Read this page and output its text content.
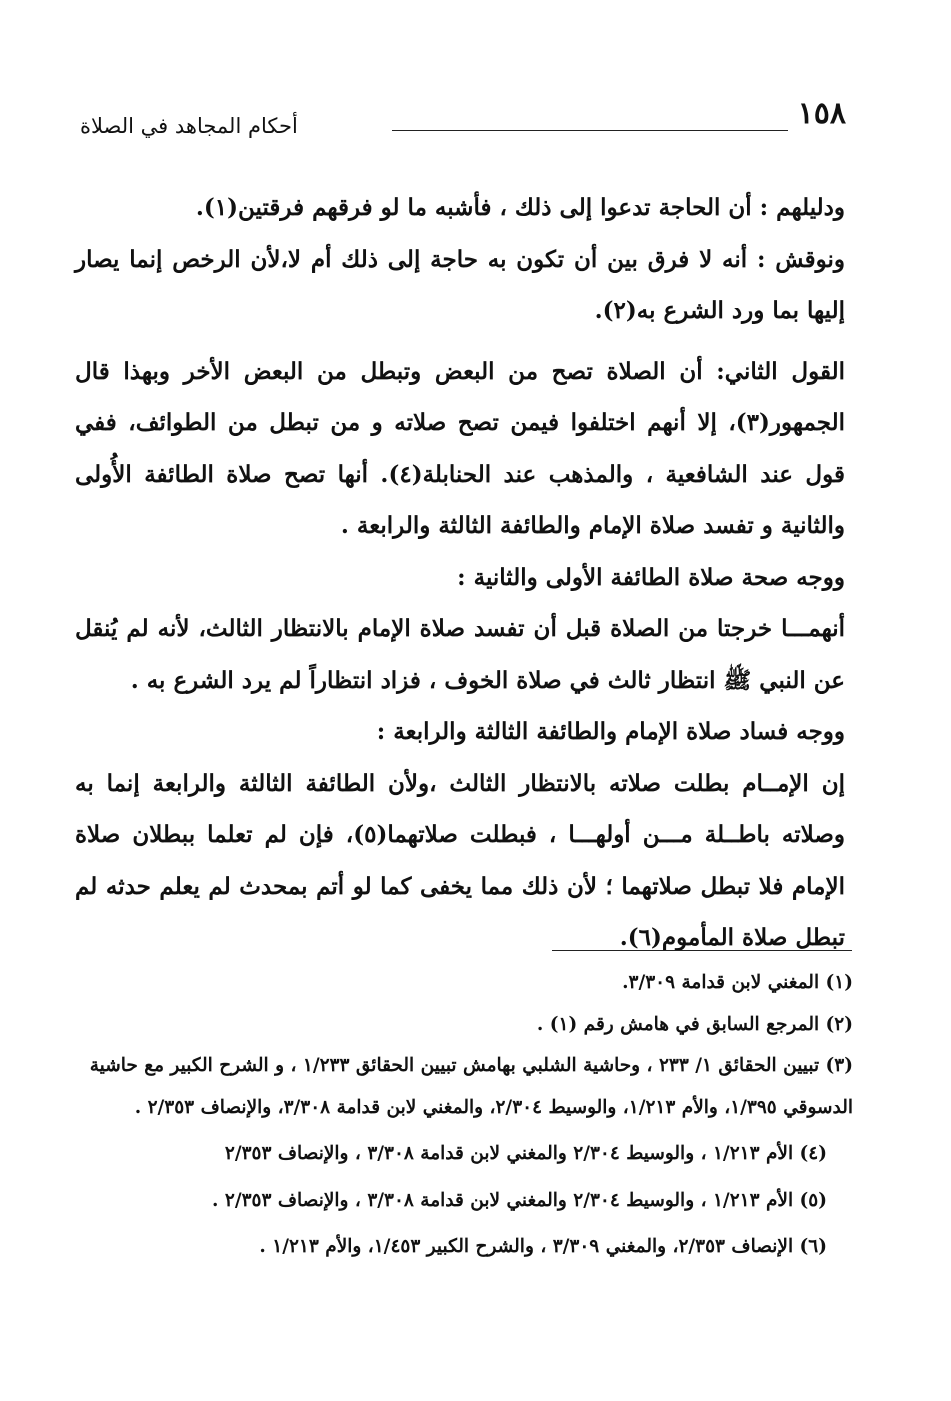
١٥٨
أحكام المجاهد في الصلاة

ودليلهم : أن الحاجة تدعوا إلى ذلك ، فأشبه ما لو فرقهم فرقتين(١).

ونوقش : أنه لا فرق بين أن تكون به حاجة إلى ذلك أم لا،لأن الرخص إنما يصار إليها بما ورد الشرع به(٢).

القول الثاني: أن الصلاة تصح من البعض وتبطل من البعض الأخر وبهذا قال الجمهور(٣)، إلا أنهم اختلفوا فيمن تصح صلاته و من تبطل من الطوائف، ففي قول عند الشافعية ، والمذهب عند الحنابلة(٤). أنها تصح صلاة الطائفة الأُولى والثانية و تفسد صلاة الإمام والطائفة الثالثة والرابعة .

ووجه صحة صلاة الطائفة الأولى والثانية :

أنهمـــا خرجتا من الصلاة قبل أن تفسد صلاة الإمام بالانتظار الثالث، لأنه لم يُنقل عن النبي ﷺ انتظار ثالث في صلاة الخوف ، فزاد انتظاراً لم يرد الشرع به .

ووجه فساد صلاة الإمام والطائفة الثالثة والرابعة :

إن الإمــام بطلت صلاته بالانتظار الثالث ،ولأن الطائفة الثالثة والرابعة إنما به وصلاته باطــلة مـــن أولهـــا ، فبطلت صلاتهما(٥)، فإن لم تعلما ببطلان صلاة الإمام فلا تبطل صلاتهما ؛ لأن ذلك مما يخفى كما لو أتم بمحدث لم يعلم حدثه لم تبطل صلاة المأموم(٦).

(١) المغني لابن قدامة ٣/٣٠٩.

(٢) المرجع السابق في هامش رقم (١) .

(٣) تبيين الحقائق ١/ ٢٣٣ ، وحاشية الشلبي بهامش تبيين الحقائق ١/٢٣٣ ، و الشرح الكبير مع حاشية الدسوقي ١/٣٩٥، والأم ١/٢١٣، والوسيط ٢/٣٠٤، والمغني لابن قدامة ٣/٣٠٨، والإنصاف ٢/٣٥٣ .

(٤) الأم ١/٢١٣ ، والوسيط ٢/٣٠٤ والمغني لابن قدامة ٣/٣٠٨ ، والإنصاف ٢/٣٥٣

(٥) الأم ١/٢١٣ ، والوسيط ٢/٣٠٤ والمغني لابن قدامة ٣/٣٠٨ ، والإنصاف ٢/٣٥٣ .

(٦) الإنصاف ٢/٣٥٣، والمغني ٣/٣٠٩ ، والشرح الكبير ١/٤٥٣، والأم ١/٢١٣ .
